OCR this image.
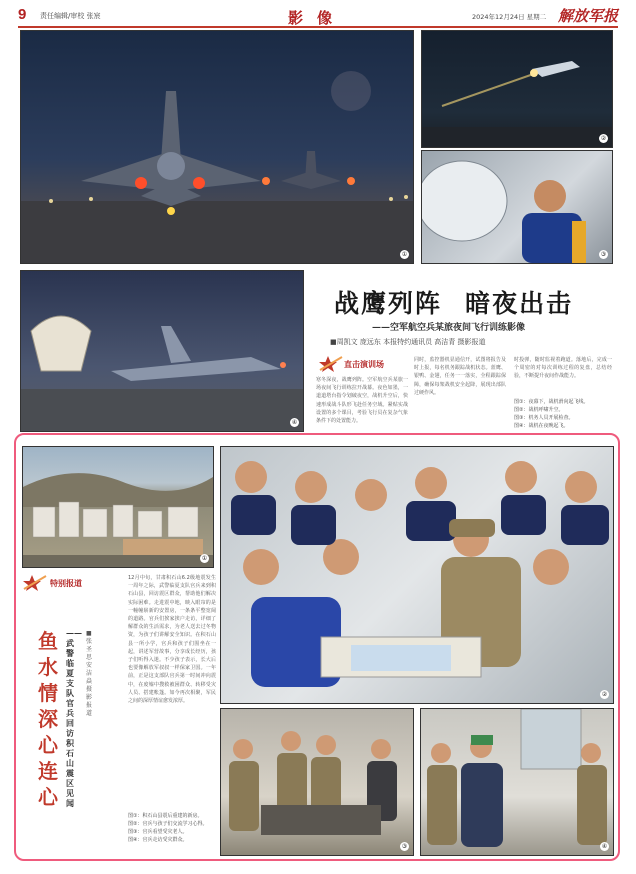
9 责任编辑/审校 张宸	影像	2024年12月24日 星期二 解放军报
①
②
③
④
战鹰列阵 暗夜出击
——空军航空兵某旅夜间飞行训练影像
■周凯文 庞远东 本报特约通讯员 高洁青 摄影报道
直击演训场
寒冬深夜，战鹰列阵。空军航空兵某旅一场夜间飞行训练拉开战幕。夜色如墨，一道道塔台指令划破夜空，战机升空后，快速形成战斗队形飞赴任务空域。紧贴实战设置的多个课目，考验飞行员在复杂气象条件下的处置能力。
同时，监控器机显通信开，试图将报告及时上报，每名机务跟踪战机状态。蓝鹰、银鸭、金翅，任务一一落实，全程跟踪保障，确保每架战机安全起降，展现出部队过硬作风。
时投弹，随时监视着跑道。落地后，完成一个周密的对每次训练过程的复盘，总结经验，不断提升夜间作战能力。
图①：夜幕下，战机滑向起飞线。
图②：战机呼啸升空。
图③：机务人员开展检查。
图④：战机在夜晚起飞。
①
②
特别报道
鱼水情深心连心
——武警临夏支队官兵回访积石山震区见闻
■张圣思 安洁焱 摄影报道
12月中旬，甘肃积石山6.2级地震发生一周年之际，武警临夏支队官兵来到积石山县，回访震区群众，帮助他们解决实际困难。走进震中地，映入眼帘的是一幢幢崭新的安置房，一条条平整宽阔的道路。官兵们挨家挨户走访，详细了解群众的生活需求，为老人送去过冬物资，为孩子们讲解安全知识。在积石山县一所小学，官兵和孩子们围坐在一起，讲述军营故事，分享成长经历，孩子们听得入迷。不少孩子表示，长大后也要像解放军叔叔一样保家卫国。一年前，正是这支部队官兵第一时间冲向震中，在废墟中搜救被困群众、转移受灾人员、搭建帐篷。如今再次相聚，军民之间的深厚情谊愈发浓厚。
图①：积石山县震后重建的新房。
图②：官兵与孩子们交流学习心得。
图③：官兵看望受灾老人。
图④：官兵走访受灾群众。
③	④
